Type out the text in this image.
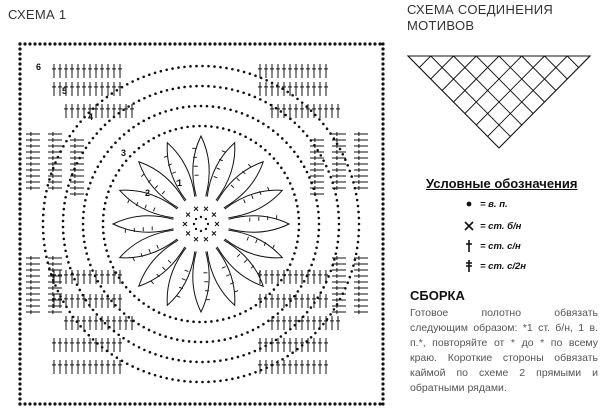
СХЕМА 1
1
2
3
4
5
6
СХЕМА СОЕДИНЕНИЯ МОТИВОВ
Условные обозначения
= в. п.
= ст. б/н
= ст. с/н
= ст. с/2н
СБОРКА
Готовое полотно обвязать следующим образом: *1 ст. б/н, 1 в. п.*, повторяйте от * до * по всему краю. Короткие стороны обвязать каймой по схеме 2 прямыми и обратными рядами.
